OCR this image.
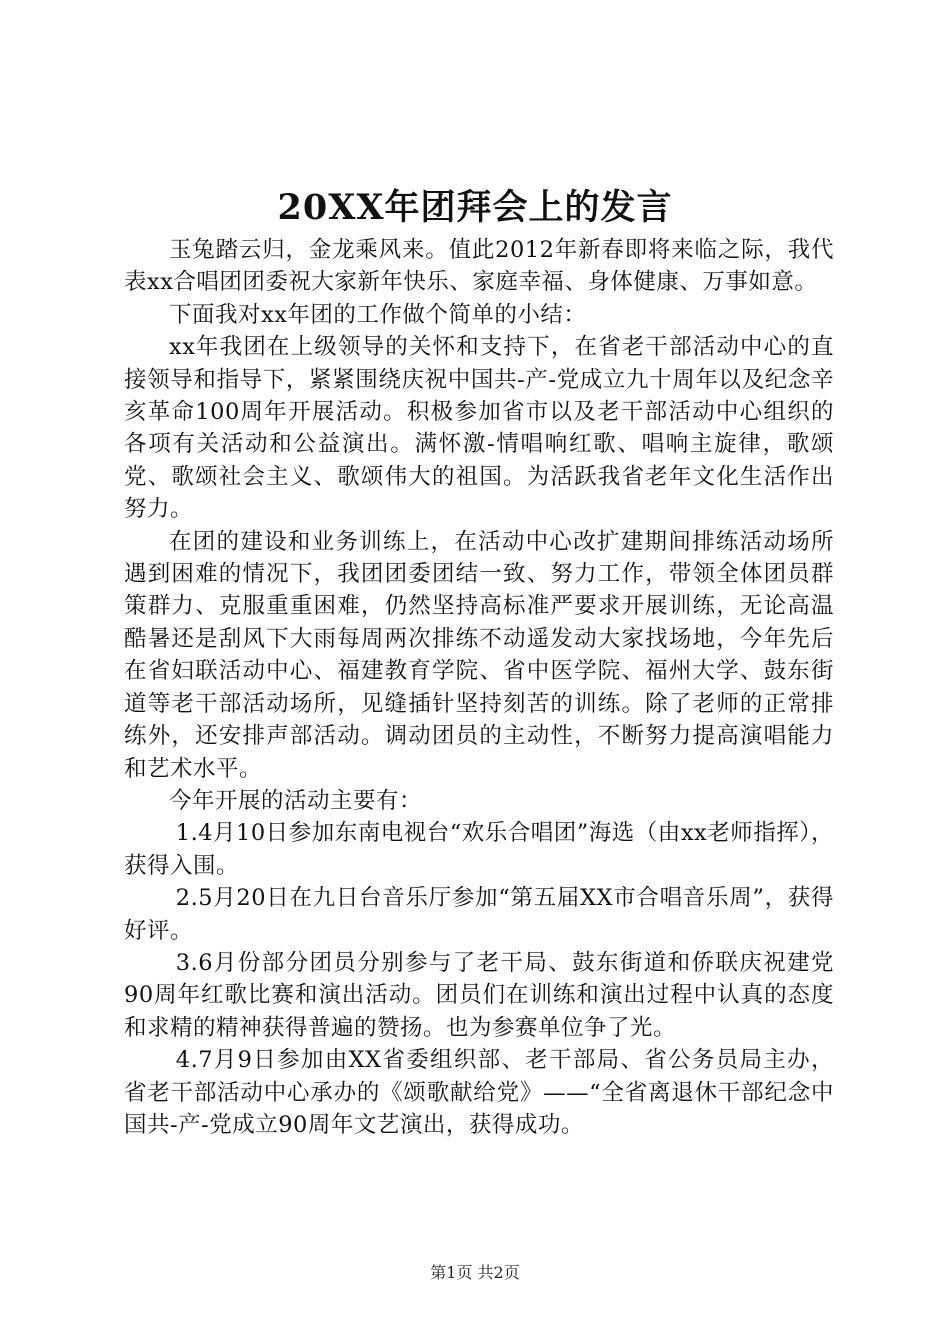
20XX年团拜会上的发言

玉兔踏云归，金龙乘风来。值此2012年新春即将来临之际，我代表xx合唱团团委祝大家新年快乐、家庭幸福、身体健康、万事如意。

下面我对xx年团的工作做个简单的小结：

xx年我团在上级领导的关怀和支持下，在省老干部活动中心的直接领导和指导下，紧紧围绕庆祝中国共-产-党成立九十周年以及纪念辛亥革命100周年开展活动。积极参加省市以及老干部活动中心组织的各项有关活动和公益演出。满怀激-情唱响红歌、唱响主旋律，歌颂党、歌颂社会主义、歌颂伟大的祖国。为活跃我省老年文化生活作出努力。

在团的建设和业务训练上，在活动中心改扩建期间排练活动场所遇到困难的情况下，我团团委团结一致、努力工作，带领全体团员群策群力、克服重重困难，仍然坚持高标准严要求开展训练，无论高温酷暑还是刮风下大雨每周两次排练不动遥发动大家找场地，今年先后在省妇联活动中心、福建教育学院、省中医学院、福州大学、鼓东街道等老干部活动场所，见缝插针坚持刻苦的训练。除了老师的正常排练外，还安排声部活动。调动团员的主动性，不断努力提高演唱能力和艺术水平。

今年开展的活动主要有：

1.4月10日参加东南电视台“欢乐合唱团”海选（由xx老师指挥），获得入围。

2.5月20日在九日台音乐厅参加“第五届XX市合唱音乐周”，获得好评。

3.6月份部分团员分别参与了老干局、鼓东街道和侨联庆祝建党90周年红歌比赛和演出活动。团员们在训练和演出过程中认真的态度和求精的精神获得普遍的赞扬。也为参赛单位争了光。

4.7月9日参加由XX省委组织部、老干部局、省公务员局主办，省老干部活动中心承办的《颂歌献给党》——“全省离退休干部纪念中国共-产-党成立90周年文艺演出，获得成功。

第1页 共2页
